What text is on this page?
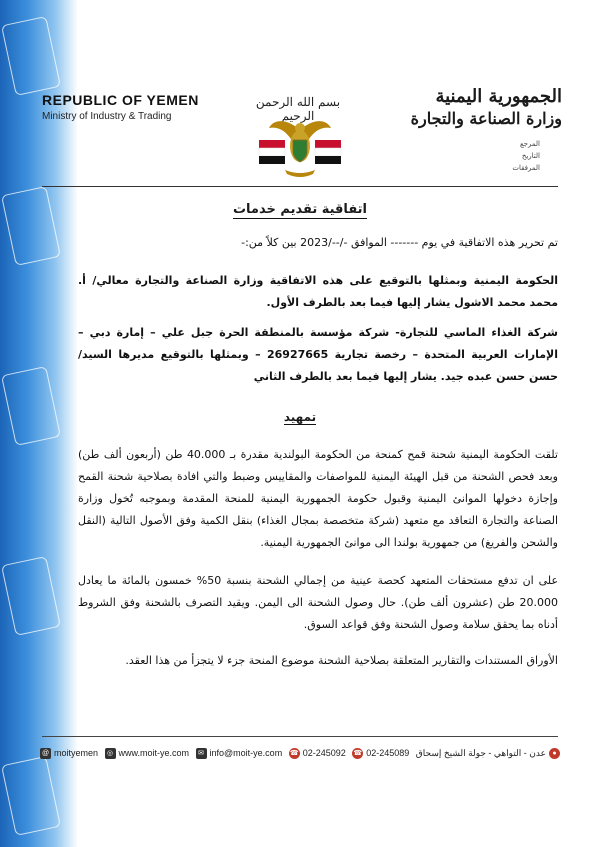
REPUBLIC OF YEMEN
Ministry of Industry & Trading
بسم الله الرحمن الرحيم
الجمهورية اليمنية
وزارة الصناعة والتجارة
المرجع
التاريخ
المرفقات
اتفاقية تقديم خدمات
تم تحرير هذه الاتفاقية في يوم ------- الموافق -/--/2023 بين كلاً من:-
الحكومة اليمنية وبمثلها بالتوقيع على هذه الاتفاقية وزارة الصناعة والتجارة معالي/ أ. محمد محمد الاشول يشار إليها فيما بعد بالطرف الأول.
شركة الغذاء الماسي للتجارة- شركة مؤسسة بالمنطقة الحرة جبل علي – إمارة دبي – الإمارات العربية المتحدة – رخصة تجارية 26927665 – وبمثلها بالتوقيع مديرها السيد/ حسن حسن عبده جيد. يشار إليها فيما بعد بالطرف الثاني
تمهيد
تلقت الحكومة اليمنية شحنة قمح كمنحة من الحكومة البولندية مقدرة بـ 40.000 طن (أربعون ألف طن) وبعد فحص الشحنة من قبل الهيئة اليمنية للمواصفات والمقاييس وضبط والتي افادة بصلاحية شحنة القمح وإجازة دخولها الموانئ اليمنية وقبول حكومة الجمهورية اليمنية للمنحة المقدمة وبموجبه تُخول وزارة الصناعة والتجارة التعاقد مع متعهد (شركة متخصصة بمجال الغذاء) بنقل الكمية وفق الأصول التالية (النقل والشحن والفريغ) من جمهورية بولندا الى موانئ الجمهورية اليمنية.
على ان تدفع مستحقات المتعهد كحصة عينية من إجمالي الشحنة بنسبة 50% خمسون بالمائة ما يعادل 20.000 طن (عشرون ألف طن). حال وصول الشحنة الى اليمن. ويقيد التصرف بالشحنة وفق الشروط أدناه بما يحقق سلامة وصول الشحنة وفق قواعد السوق.
الأوراق المستندات والتقارير المتعلقة بصلاحية الشحنة موضوع المنحة جزء لا يتجزأ من هذا العقد.
@ moityemen	◎ www.moit-ye.com	✉ info@moit-ye.com ☎ 02-245092 ☎ 02-245089	●
عدن - التواهي - جولة الشيخ إسحاق
